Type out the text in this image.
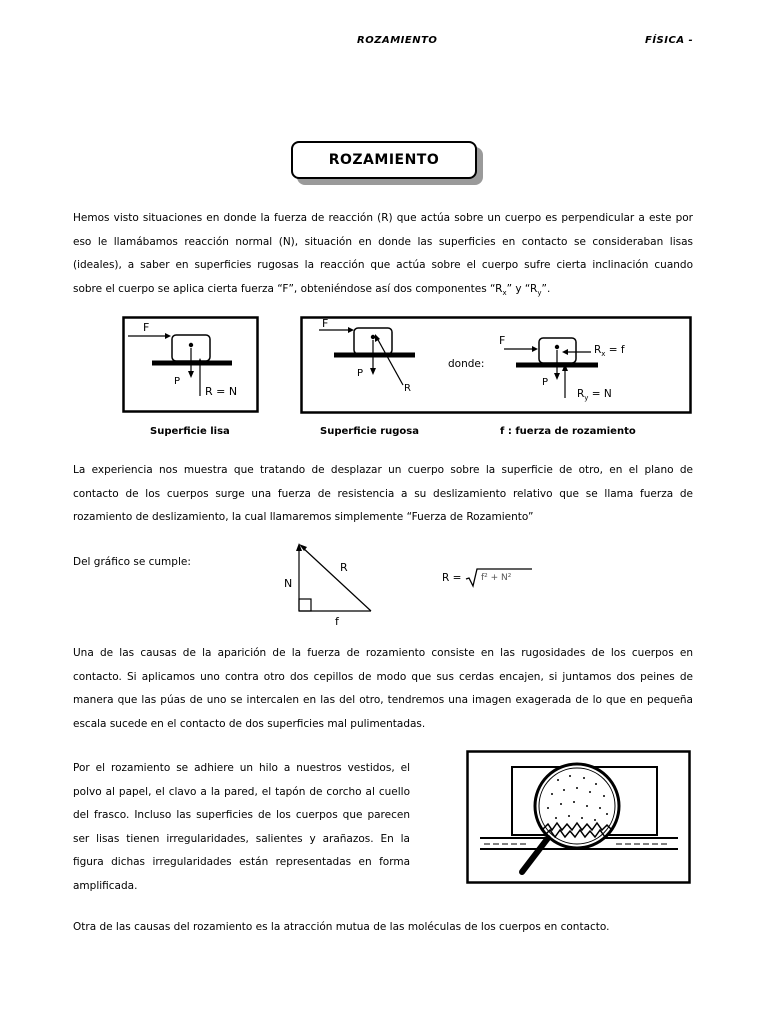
ROZAMIENTO	FÍSICA -
ROZAMIENTO
Hemos visto situaciones en donde la fuerza de reacción (R) que actúa sobre un cuerpo es perpendicular a este por
eso le llamábamos reacción normal (N), situación en donde las superficies en contacto se consideraban lisas
(ideales), a saber en superficies rugosas la reacción que actúa sobre el cuerpo sufre cierta inclinación cuando
sobre el cuerpo se aplica cierta fuerza “F”, obteniéndose así dos componentes “$R_x$” y “$R_y$”.
F
P
R = N
F
P
R
donde:
F
P
$R_x = f$
$R_y = N$
Superficie lisa	Superficie rugosa	f : fuerza de rozamiento
La experiencia nos muestra que tratando de desplazar un cuerpo sobre la superficie de otro, en el plano de
contacto de los cuerpos surge una fuerza de resistencia a su deslizamiento relativo que se llama fuerza de
rozamiento de deslizamiento, la cual llamaremos simplemente “Fuerza de Rozamiento”
Del gráfico se cumple:
N
R
f
R = f² + N²
Una de las causas de la aparición de la fuerza de rozamiento consiste en las rugosidades de los cuerpos en
contacto. Si aplicamos uno contra otro dos cepillos de modo que sus cerdas encajen, si juntamos dos peines de
manera que las púas de uno se intercalen en las del otro, tendremos una imagen exagerada de lo que en pequeña
escala sucede en el contacto de dos superficies mal pulimentadas.
Por el rozamiento se adhiere un hilo a nuestros vestidos, el
polvo al papel, el clavo a la pared, el tapón de corcho al cuello
del frasco. Incluso las superficies de los cuerpos que parecen
ser lisas tienen irregularidades, salientes y arañazos. En la
figura dichas irregularidades están representadas en forma
amplificada.
Otra de las causas del rozamiento es la atracción mutua de las moléculas de los cuerpos en contacto.
